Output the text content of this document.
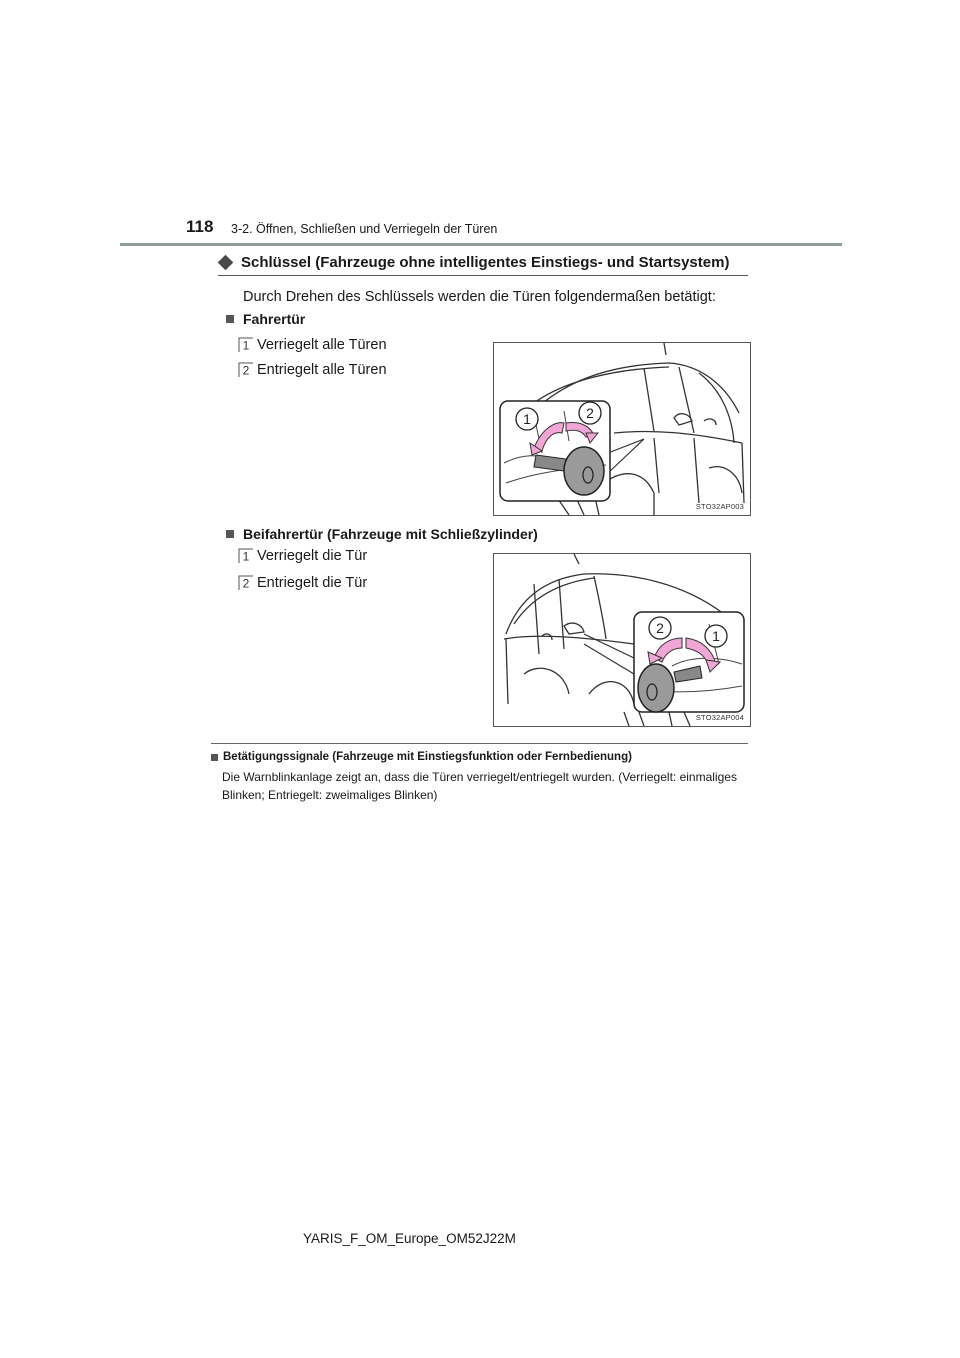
118 3-2. Öffnen, Schließen und Verriegeln der Türen
Schlüssel (Fahrzeuge ohne intelligentes Einstiegs- und Startsystem)
Durch Drehen des Schlüssels werden die Türen folgendermaßen betätigt:
Fahrertür
1 Verriegelt alle Türen
2 Entriegelt alle Türen
1	2
STO32AP003
Beifahrertür (Fahrzeuge mit Schließzylinder)
1 Verriegelt die Tür
2 Entriegelt die Tür
2	1
STO32AP004
Betätigungssignale (Fahrzeuge mit Einstiegsfunktion oder Fernbedienung)
Die Warnblinkanlage zeigt an, dass die Türen verriegelt/entriegelt wurden. (Verriegelt: einmaliges Blinken; Entriegelt: zweimaliges Blinken)
YARIS_F_OM_Europe_OM52J22M
